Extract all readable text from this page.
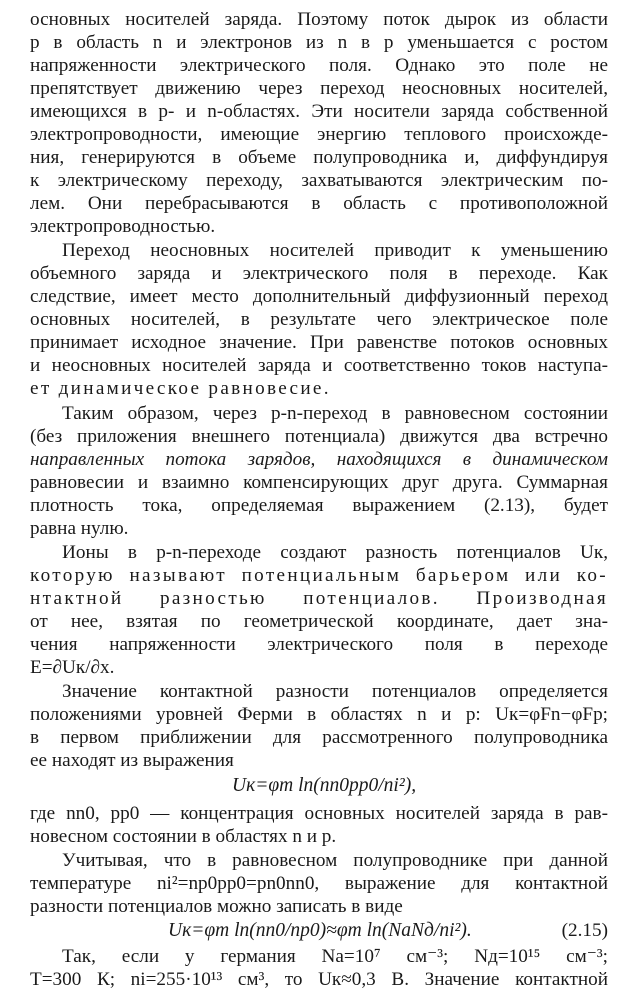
основных носителей заряда. Поэтому поток дырок из области
p в область n и электронов из n в p уменьшается с ростом
напряженности электрического поля. Однако это поле не
препятствует движению через переход неосновных носителей,
имеющихся в p- и n-областях. Эти носители заряда собственной
электропроводности, имеющие энергию теплового происхожде-
ния, генерируются в объеме полупроводника и, диффундируя
к электрическому переходу, захватываются электрическим по-
лем. Они перебрасываются в область с противоположной
электропроводностью.
Переход неосновных носителей приводит к уменьшению
объемного заряда и электрического поля в переходе. Как
следствие, имеет место дополнительный диффузионный переход
основных носителей, в результате чего электрическое поле
принимает исходное значение. При равенстве потоков основных
и неосновных носителей заряда и соответственно токов наступа-
ет динамическое равновесие.
Таким образом, через p-n-переход в равновесном состоянии
(без приложения внешнего потенциала) движутся два встречно
направленных потока зарядов, находящихся в динамическом
равновесии и взаимно компенсирующих друг друга. Суммарная
плотность тока, определяемая выражением (2.13), будет
равна нулю.
Ионы в p-n-переходе создают разность потенциалов Uк,
которую называют потенциальным барьером или ко-
нтактной разностью потенциалов. Производная
от нее, взятая по геометрической координате, дает зна-
чения напряженности электрического поля в переходе
E=∂Uк/∂x.
Значение контактной разности потенциалов определяется
положениями уровней Ферми в областях n и p: Uк=φFn−φFp;
в первом приближении для рассмотренного полупроводника
ее находят из выражения
Uк=φт ln(nn0pp0/ni²),
где nn0, pp0 — концентрация основных носителей заряда в рав-
новесном состоянии в областях n и p.
Учитывая, что в равновесном полупроводнике при данной
температуре ni²=np0pp0=pn0nn0, выражение для контактной
разности потенциалов можно записать в виде
Uк=φт ln(nn0/np0)≈φт ln(NаNд/ni²).	(2.15)
Так, если у германия Nа=10⁷ см⁻³; Nд=10¹⁵ см⁻³;
T=300 К; ni=255·10¹³ см³, то Uк≈0,3 В. Значение контактной
